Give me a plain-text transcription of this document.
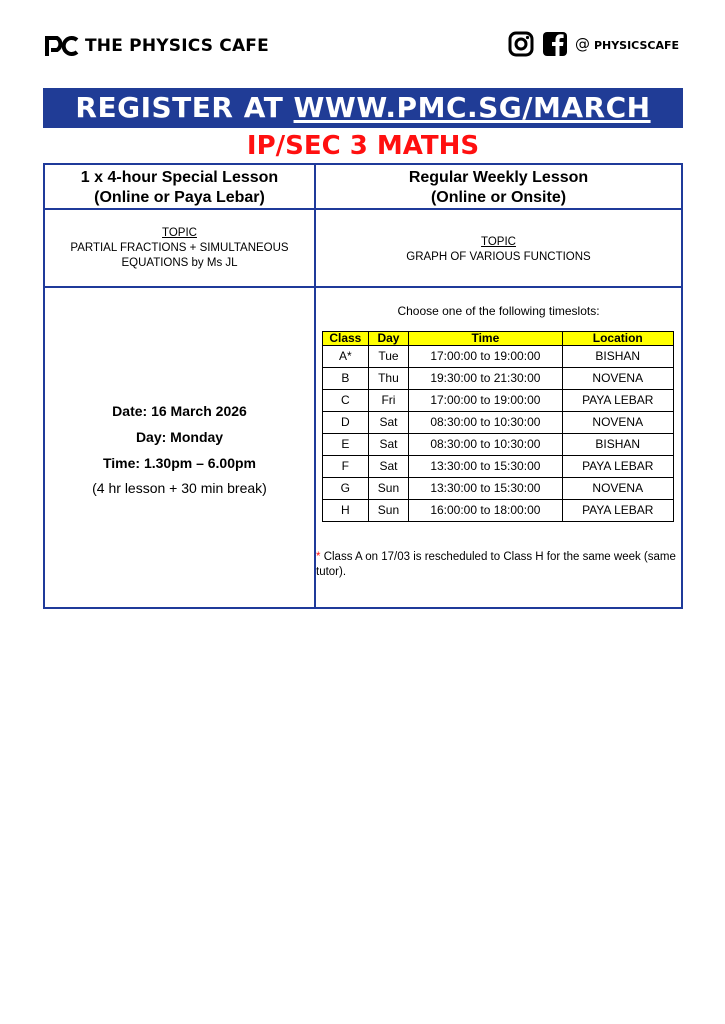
THE PHYSICS CAFE	@ PHYSICSCAFE
REGISTER AT WWW.PMC.SG/MARCH
IP/SEC 3 MATHS
1 x 4-hour Special Lesson
(Online or Paya Lebar)
TOPIC
PARTIAL FRACTIONS + SIMULTANEOUS
EQUATIONS by Ms JL
Date: 16 March 2026
Day: Monday
Time: 1.30pm – 6.00pm
(4 hr lesson + 30 min break)
Regular Weekly Lesson
(Online or Onsite)
TOPIC
GRAPH OF VARIOUS FUNCTIONS
Choose one of the following timeslots:
Class	Day	Time	Location
A*	Tue	17:00:00 to 19:00:00	BISHAN
B	Thu	19:30:00 to 21:30:00	NOVENA
C	Fri	17:00:00 to 19:00:00	PAYA LEBAR
D	Sat	08:30:00 to 10:30:00	NOVENA
E	Sat	08:30:00 to 10:30:00	BISHAN
F	Sat	13:30:00 to 15:30:00	PAYA LEBAR
G	Sun	13:30:00 to 15:30:00	NOVENA
H	Sun	16:00:00 to 18:00:00	PAYA LEBAR
* Class A on 17/03 is rescheduled to Class H for the same week (same tutor).
